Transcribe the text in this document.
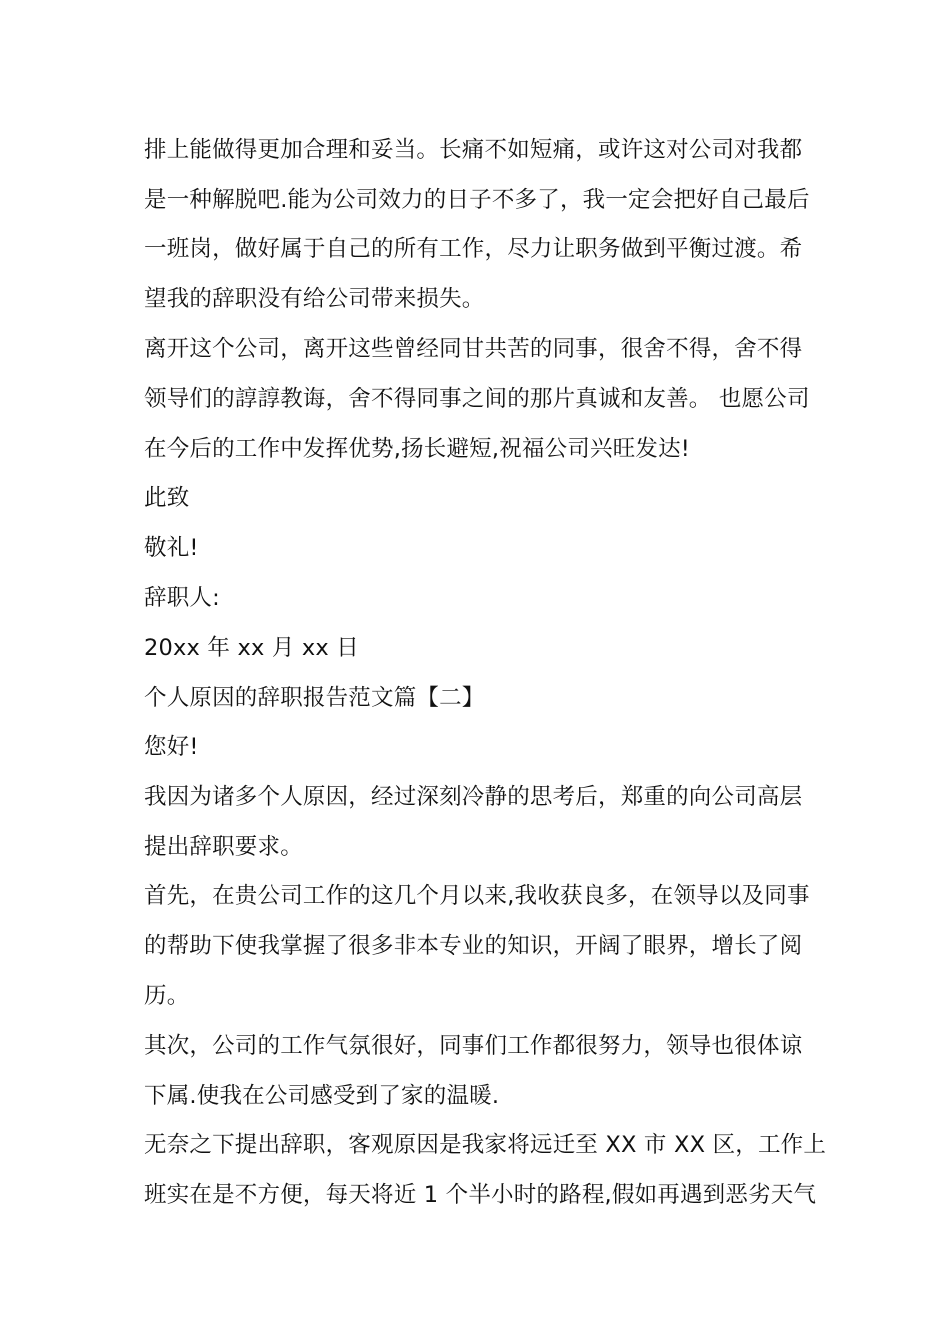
排上能做得更加合理和妥当。长痛不如短痛，或许这对公司对我都
是一种解脱吧.能为公司效力的日子不多了，我一定会把好自己最后
一班岗，做好属于自己的所有工作，尽力让职务做到平衡过渡。希
望我的辞职没有给公司带来损失。
离开这个公司，离开这些曾经同甘共苦的同事，很舍不得，舍不得
领导们的諄諄教诲，舍不得同事之间的那片真诚和友善。 也愿公司
在今后的工作中发挥优势,扬长避短,祝福公司兴旺发达!
此致
敬礼!
辞职人:
20xx 年 xx 月 xx 日
个人原因的辞职报告范文篇【二】
您好!
我因为诸多个人原因，经过深刻冷静的思考后，郑重的向公司高层
提出辞职要求。
首先，在贵公司工作的这几个月以来,我收获良多，在领导以及同事
的帮助下使我掌握了很多非本专业的知识，开阔了眼界，增长了阅
历。
其次，公司的工作气氛很好，同事们工作都很努力，领导也很体谅
下属.使我在公司感受到了家的温暖.
无奈之下提出辞职，客观原因是我家将远迁至 XX 市 XX 区，工作上
班实在是不方便，每天将近 1 个半小时的路程,假如再遇到恶劣天气
